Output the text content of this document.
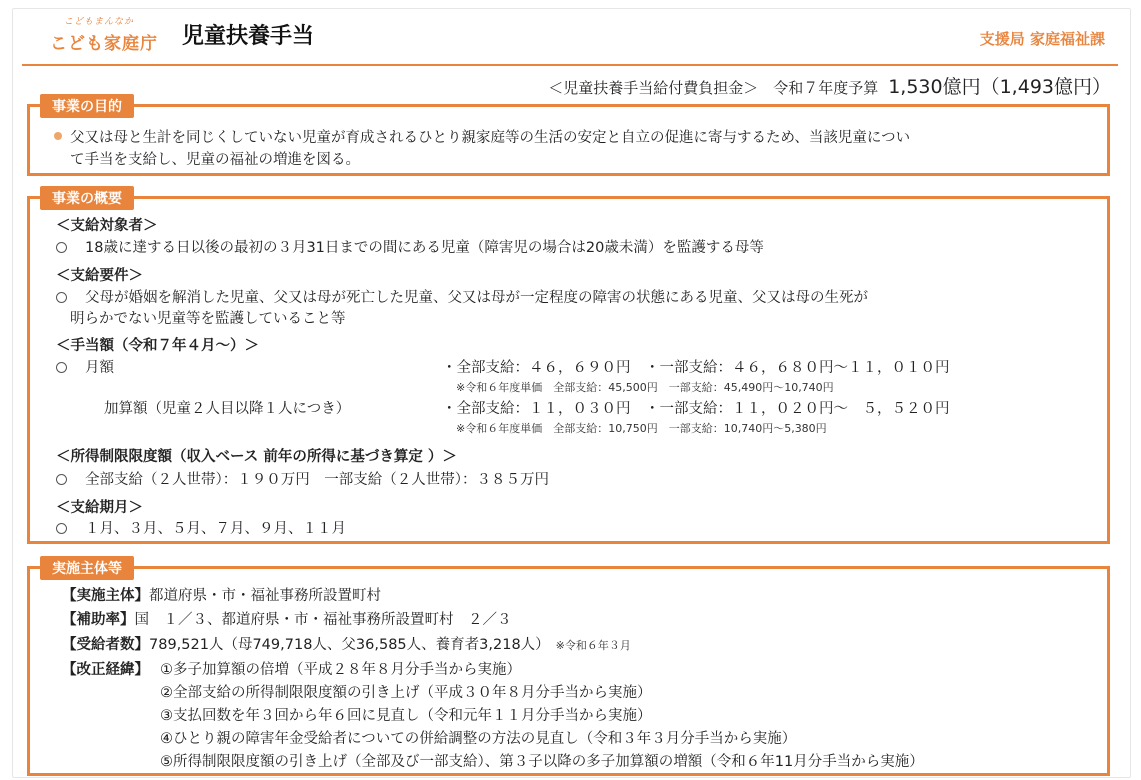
こどもまんなか
こども家庭庁 児童扶養手当	支援局 家庭福祉課
＜児童扶養手当給付費負担金＞　令和７年度予算 1,530億円（1,493億円）
事業の目的
父又は母と生計を同じくしていない児童が育成されるひとり親家庭等の生活の安定と自立の促進に寄与するため、当該児童につい
て手当を支給し、児童の福祉の増進を図る。
事業の概要
＜支給対象者＞
18歳に達する日以後の最初の３月31日までの間にある児童（障害児の場合は20歳未満）を監護する母等
＜支給要件＞
父母が婚姻を解消した児童、父又は母が死亡した児童、父又は母が一定程度の障害の状態にある児童、父又は母の生死が
明らかでない児童等を監護していること等
＜手当額（令和７年４月～）＞
月額	・全部支給：４６，６９０円　・一部支給：４６，６８０円～１１，０１０円
※令和６年度単価　全部支給：45,500円　一部支給：45,490円～10,740円
加算額（児童２人目以降１人につき）	・全部支給：１１，０３０円　・一部支給：１１，０２０円～　５，５２０円
※令和６年度単価　全部支給：10,750円　一部支給：10,740円～5,380円
＜所得制限限度額（収入ベース 前年の所得に基づき算定 ）＞
全部支給（２人世帯）：１９０万円　一部支給（２人世帯）：３８５万円
＜支給期月＞
１月、３月、５月、７月、９月、１１月
実施主体等
【実施主体】都道府県・市・福祉事務所設置町村
【補助率】国　１／３、都道府県・市・福祉事務所設置町村　２／３
【受給者数】789,521人（母749,718人、父36,585人、養育者3,218人） ※令和６年３月
【改正経緯】 ①多子加算額の倍増（平成２８年８月分手当から実施）
②全部支給の所得制限限度額の引き上げ（平成３０年８月分手当から実施）
③支払回数を年３回から年６回に見直し（令和元年１１月分手当から実施）
④ひとり親の障害年金受給者についての併給調整の方法の見直し（令和３年３月分手当から実施）
⑤所得制限限度額の引き上げ（全部及び一部支給）、第３子以降の多子加算額の増額（令和６年11月分手当から実施）
